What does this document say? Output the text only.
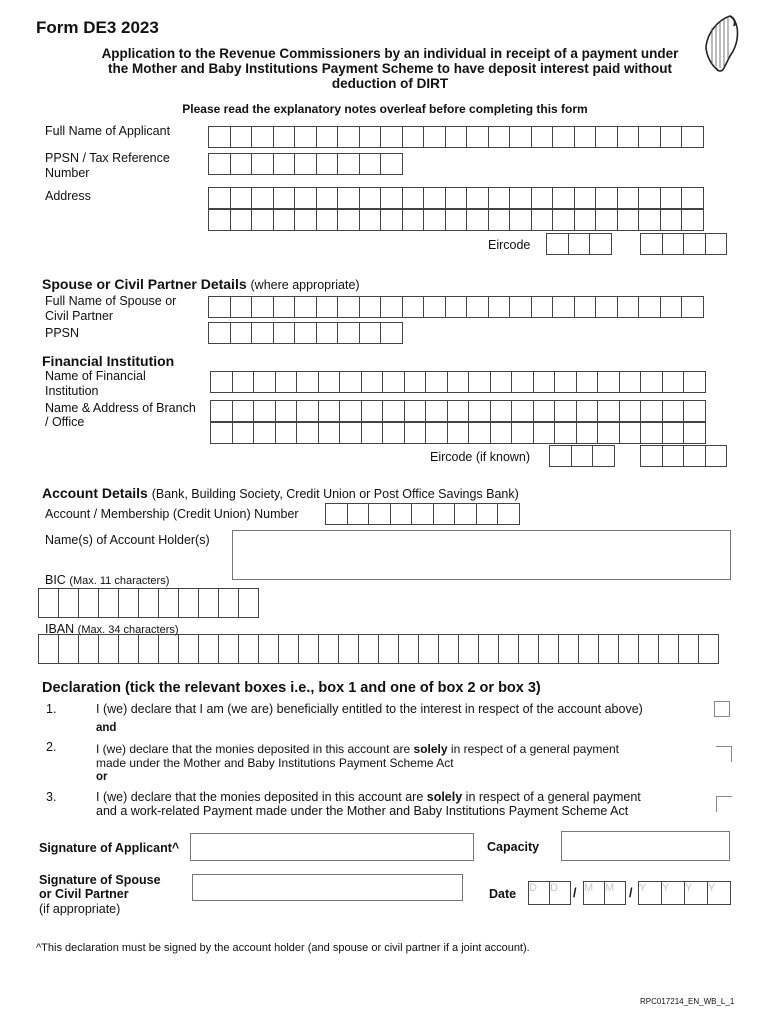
Form DE3 2023
Application to the Revenue Commissioners by an individual in receipt of a payment under the Mother and Baby Institutions Payment Scheme to have deposit interest paid without deduction of DIRT
Please read the explanatory notes overleaf before completing this form
Full Name of Applicant
PPSN / Tax Reference
Number
Address
Eircode
Spouse or Civil Partner Details (where appropriate)
Full Name of Spouse or
Civil Partner
PPSN
Financial Institution
Name of Financial
Institution
Name & Address of Branch
/ Office
Eircode (if known)
Account Details (Bank, Building Society, Credit Union or Post Office Savings Bank)
Account / Membership (Credit Union) Number
Name(s) of Account Holder(s)
BIC (Max. 11 characters)
IBAN (Max. 34 characters)
Declaration (tick the relevant boxes i.e., box 1 and one of box 2 or box 3)
1.	I (we) declare that I am (we are) beneficially entitled to the interest in respect of the account above)
and
2.	I (we) declare that the monies deposited in this account are solely in respect of a general payment
made under the Mother and Baby Institutions Payment Scheme Act
or
3.	I (we) declare that the monies deposited in this account are solely in respect of a general payment
and a work-related Payment made under the Mother and Baby Institutions Payment Scheme Act
Signature of Applicant^	Capacity
Signature of Spouse
or Civil Partner
(if appropriate)
Date D	D	/ M	M	/ Y	Y	Y	Y
^This declaration must be signed by the account holder (and spouse or civil partner if a joint account).
RPC017214_EN_WB_L_1
